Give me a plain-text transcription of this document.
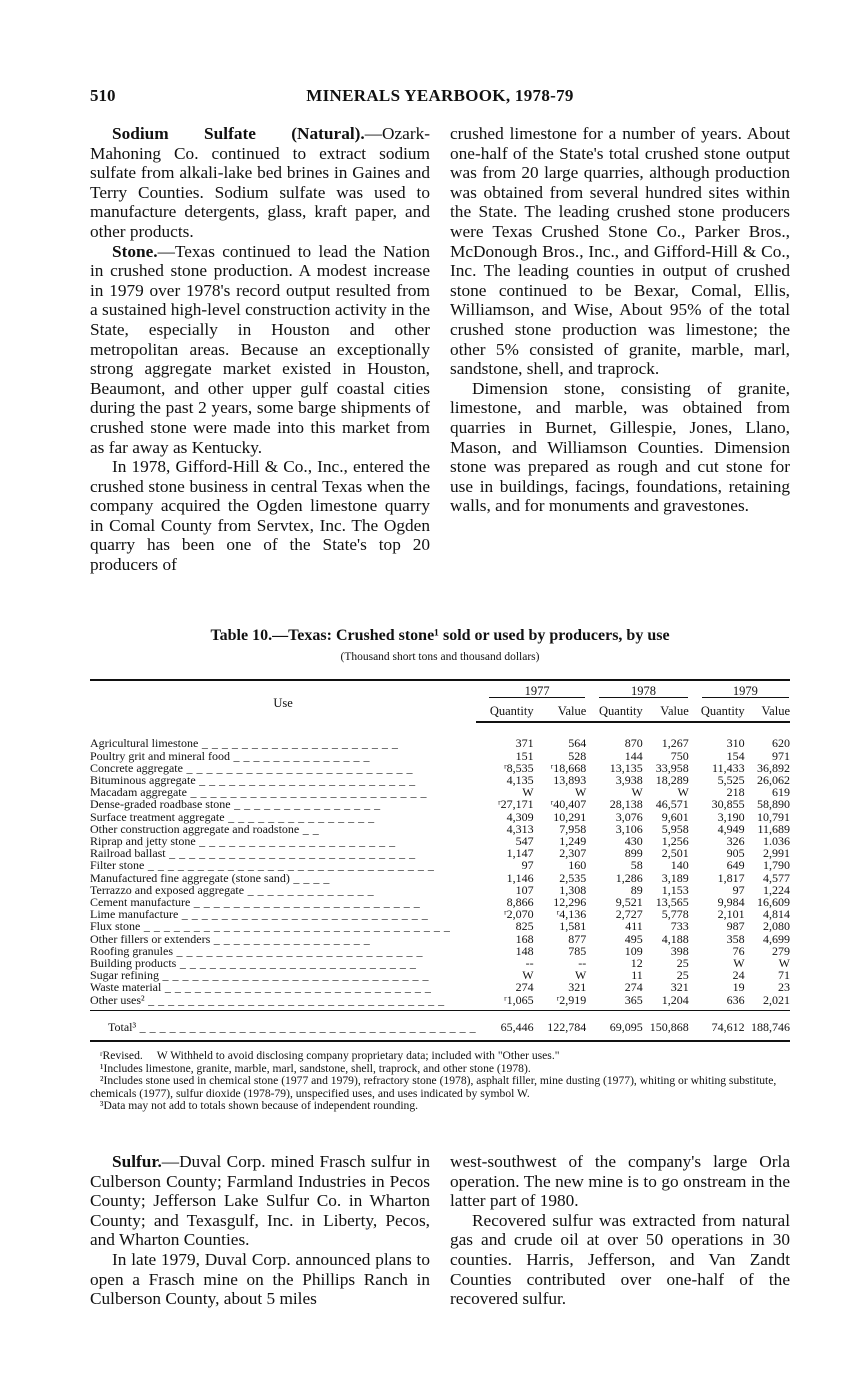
510	MINERALS YEARBOOK, 1978-79

Sodium Sulfate (Natural).—Ozark-Mahoning Co. continued to extract sodium sulfate from alkali-lake bed brines in Gaines and Terry Counties. Sodium sulfate was used to manufacture detergents, glass, kraft paper, and other products.

Stone.—Texas continued to lead the Nation in crushed stone production. A modest increase in 1979 over 1978's record output resulted from a sustained high-level construction activity in the State, especially in Houston and other metropolitan areas. Because an exceptionally strong aggregate market existed in Houston, Beaumont, and other upper gulf coastal cities during the past 2 years, some barge shipments of crushed stone were made into this market from as far away as Kentucky.

In 1978, Gifford-Hill & Co., Inc., entered the crushed stone business in central Texas when the company acquired the Ogden limestone quarry in Comal County from Servtex, Inc. The Ogden quarry has been one of the State's top 20 producers of

crushed limestone for a number of years. About one-half of the State's total crushed stone output was from 20 large quarries, although production was obtained from several hundred sites within the State. The leading crushed stone producers were Texas Crushed Stone Co., Parker Bros., McDonough Bros., Inc., and Gifford-Hill & Co., Inc. The leading counties in output of crushed stone continued to be Bexar, Comal, Ellis, Williamson, and Wise, About 95% of the total crushed stone production was limestone; the other 5% consisted of granite, marble, marl, sandstone, shell, and traprock.

Dimension stone, consisting of granite, limestone, and marble, was obtained from quarries in Burnet, Gillespie, Jones, Llano, Mason, and Williamson Counties. Dimension stone was prepared as rough and cut stone for use in buildings, facings, foundations, retaining walls, and for monuments and gravestones.

Table 10.—Texas: Crushed stone¹ sold or used by producers, by use
(Thousand short tons and thousand dollars)
Use	1977		1978		1979	

	Quantity	Value	Quantity	Value	Quantity	Value
Agricultural limestone _ _ _ _ _ _ _ _ _ _ _ _ _ _ _ _ _ _ _ _	371	564	870	1,267	310	620
Poultry grit and mineral food _ _ _ _ _ _ _ _ _ _ _ _ _ _	151	528	144	750	154	971
Concrete aggregate _ _ _ _ _ _ _ _ _ _ _ _ _ _ _ _ _ _ _ _ _ _ _	ʳ8,535	ʳ18,668	13,135	33,958	11,433	36,892
Bituminous aggregate _ _ _ _ _ _ _ _ _ _ _ _ _ _ _ _ _ _ _ _ _ _	4,135	13,893	3,938	18,289	5,525	26,062
Macadam aggregate _ _ _ _ _ _ _ _ _ _ _ _ _ _ _ _ _ _ _ _ _ _ _ _	W	W	W	W	218	619
Dense-graded roadbase stone _ _ _ _ _ _ _ _ _ _ _ _ _ _ _	ʳ27,171	ʳ40,407	28,138	46,571	30,855	58,890
Surface treatment aggregate _ _ _ _ _ _ _ _ _ _ _ _ _ _ _	4,309	10,291	3,076	9,601	3,190	10,791
Other construction aggregate and roadstone _ _	4,313	7,958	3,106	5,958	4,949	11,689
Riprap and jetty stone _ _ _ _ _ _ _ _ _ _ _ _ _ _ _ _ _ _ _ _	547	1,249	430	1,256	326	1.036
Railroad ballast _ _ _ _ _ _ _ _ _ _ _ _ _ _ _ _ _ _ _ _ _ _ _ _ _	1,147	2,307	899	2,501	905	2,991
Filter stone _ _ _ _ _ _ _ _ _ _ _ _ _ _ _ _ _ _ _ _ _ _ _ _ _ _ _ _ _	97	160	58	140	649	1,790
Manufactured fine aggregate (stone sand) _ _ _ _	1,146	2,535	1,286	3,189	1,817	4,577
Terrazzo and exposed aggregate _ _ _ _ _ _ _ _ _ _ _ _ _	107	1,308	89	1,153	97	1,224
Cement manufacture _ _ _ _ _ _ _ _ _ _ _ _ _ _ _ _ _ _ _ _ _ _ _	8,866	12,296	9,521	13,565	9,984	16,609
Lime manufacture _ _ _ _ _ _ _ _ _ _ _ _ _ _ _ _ _ _ _ _ _ _ _ _ _	ʳ2,070	ʳ4,136	2,727	5,778	2,101	4,814
Flux stone _ _ _ _ _ _ _ _ _ _ _ _ _ _ _ _ _ _ _ _ _ _ _ _ _ _ _ _ _ _ _	825	1,581	411	733	987	2,080
Other fillers or extenders _ _ _ _ _ _ _ _ _ _ _ _ _ _ _ _	168	877	495	4,188	358	4,699
Roofing granules _ _ _ _ _ _ _ _ _ _ _ _ _ _ _ _ _ _ _ _ _ _ _ _ _	148	785	109	398	76	279
Building products _ _ _ _ _ _ _ _ _ _ _ _ _ _ _ _ _ _ _ _ _ _ _ _	--	--	12	25	W	W
Sugar refining _ _ _ _ _ _ _ _ _ _ _ _ _ _ _ _ _ _ _ _ _ _ _ _ _ _ _	W	W	11	25	24	71
Waste material _ _ _ _ _ _ _ _ _ _ _ _ _ _ _ _ _ _ _ _ _ _ _ _ _ _ _	274	321	274	321	19	23
Other uses² _ _ _ _ _ _ _ _ _ _ _ _ _ _ _ _ _ _ _ _ _ _ _ _ _ _ _ _ _ _	ʳ1,065	ʳ2,919	365	1,204	636	2,021

Total³ _ _ _ _ _ _ _ _ _ _ _ _ _ _ _ _ _ _ _ _ _ _ _ _ _ _ _ _ _ _ _ _ _ _	65,446	122,784	69,095	150,868	74,612	188,746
ʳRevised. W Withheld to avoid disclosing company proprietary data; included with "Other uses."
¹Includes limestone, granite, marble, marl, sandstone, shell, traprock, and other stone (1978).
²Includes stone used in chemical stone (1977 and 1979), refractory stone (1978), asphalt filler, mine dusting (1977), whiting or whiting substitute, chemicals (1977), sulfur dioxide (1978-79), unspecified uses, and uses indicated by symbol W.
³Data may not add to totals shown because of independent rounding.

Sulfur.—Duval Corp. mined Frasch sulfur in Culberson County; Farmland Industries in Pecos County; Jefferson Lake Sulfur Co. in Wharton County; and Texasgulf, Inc. in Liberty, Pecos, and Wharton Counties.

In late 1979, Duval Corp. announced plans to open a Frasch mine on the Phillips Ranch in Culberson County, about 5 miles

west-southwest of the company's large Orla operation. The new mine is to go onstream in the latter part of 1980.

Recovered sulfur was extracted from natural gas and crude oil at over 50 operations in 30 counties. Harris, Jefferson, and Van Zandt Counties contributed over one-half of the recovered sulfur.
